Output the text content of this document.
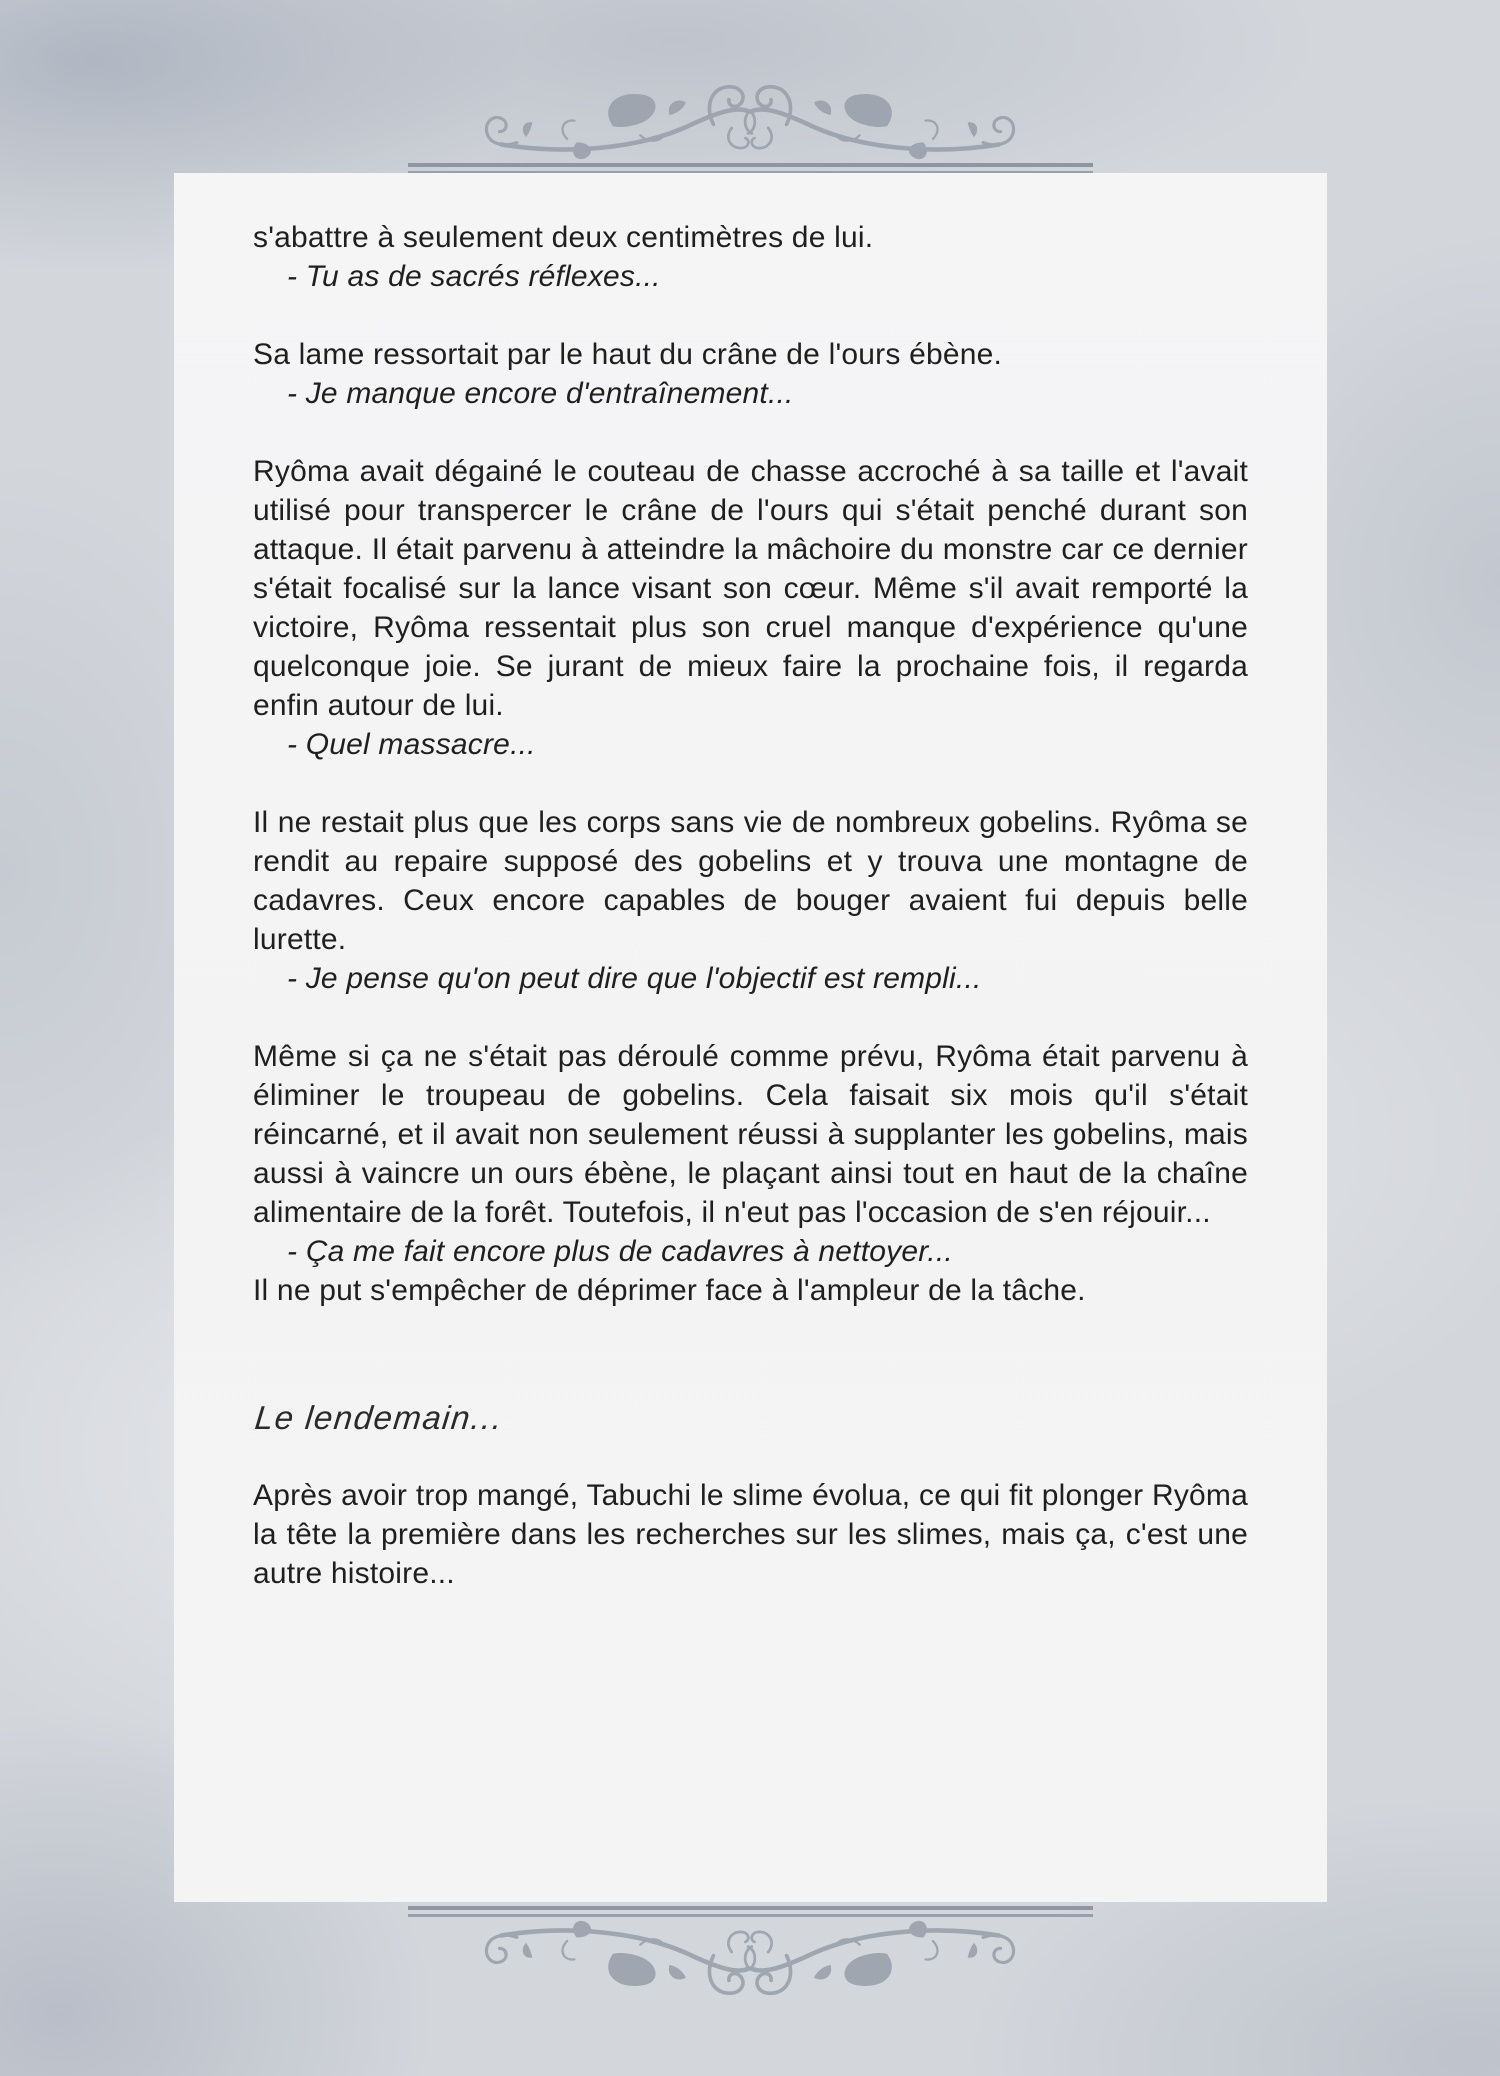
s'abattre à seulement deux centimètres de lui.

- Tu as de sacrés réflexes...

Sa lame ressortait par le haut du crâne de l'ours ébène.

- Je manque encore d'entraînement...

Ryôma avait dégainé le couteau de chasse accroché à sa taille et l'avait utilisé pour transpercer le crâne de l'ours qui s'était penché durant son attaque. Il était parvenu à atteindre la mâchoire du monstre car ce dernier s'était focalisé sur la lance visant son cœur. Même s'il avait remporté la victoire, Ryôma ressentait plus son cruel manque d'expérience qu'une quelconque joie. Se jurant de mieux faire la prochaine fois, il regarda enfin autour de lui.

- Quel massacre...

Il ne restait plus que les corps sans vie de nombreux gobelins. Ryôma se rendit au repaire supposé des gobelins et y trouva une montagne de cadavres. Ceux encore capables de bouger avaient fui depuis belle lurette.

- Je pense qu'on peut dire que l'objectif est rempli...

Même si ça ne s'était pas déroulé comme prévu, Ryôma était parvenu à éliminer le troupeau de gobelins. Cela faisait six mois qu'il s'était réincarné, et il avait non seulement réussi à supplanter les gobelins, mais aussi à vaincre un ours ébène, le plaçant ainsi tout en haut de la chaîne alimentaire de la forêt. Toutefois, il n'eut pas l'occasion de s'en réjouir...

- Ça me fait encore plus de cadavres à nettoyer...

Il ne put s'empêcher de déprimer face à l'ampleur de la tâche.

Le lendemain...

Après avoir trop mangé, Tabuchi le slime évolua, ce qui fit plonger Ryôma la tête la première dans les recherches sur les slimes, mais ça, c'est une autre histoire...
